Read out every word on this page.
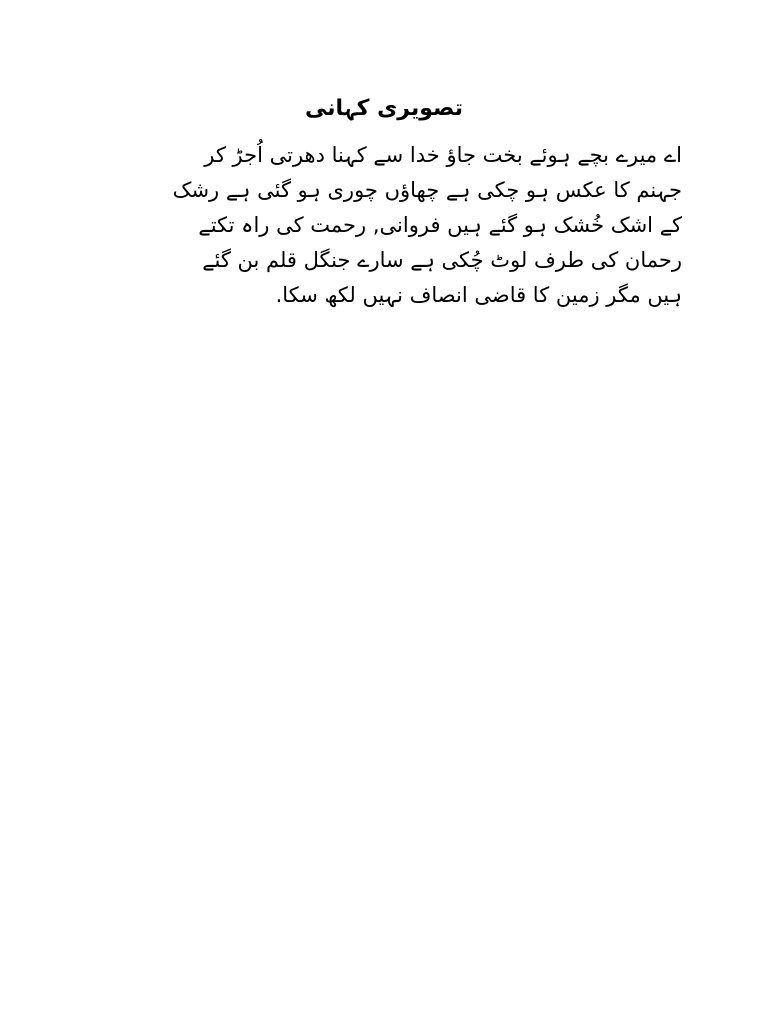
تصویری کہانی
اے میرے بچے ہوئے بخت جاؤ خدا سے کہنا دھرتی اُجڑ کر
جہنم کا عکس ہو چکی ہے چھاؤں چوری ہو گئی ہے رشک
کے اشک خُشک ہو گئے ہیں فروانی, رحمت کی راہ تکتے
رحمان کی طرف لوٹ چُکی ہے سارے جنگل قلم بن گئے
ہیں مگر زمین کا قاضی انصاف نہیں لکھ سکا.
